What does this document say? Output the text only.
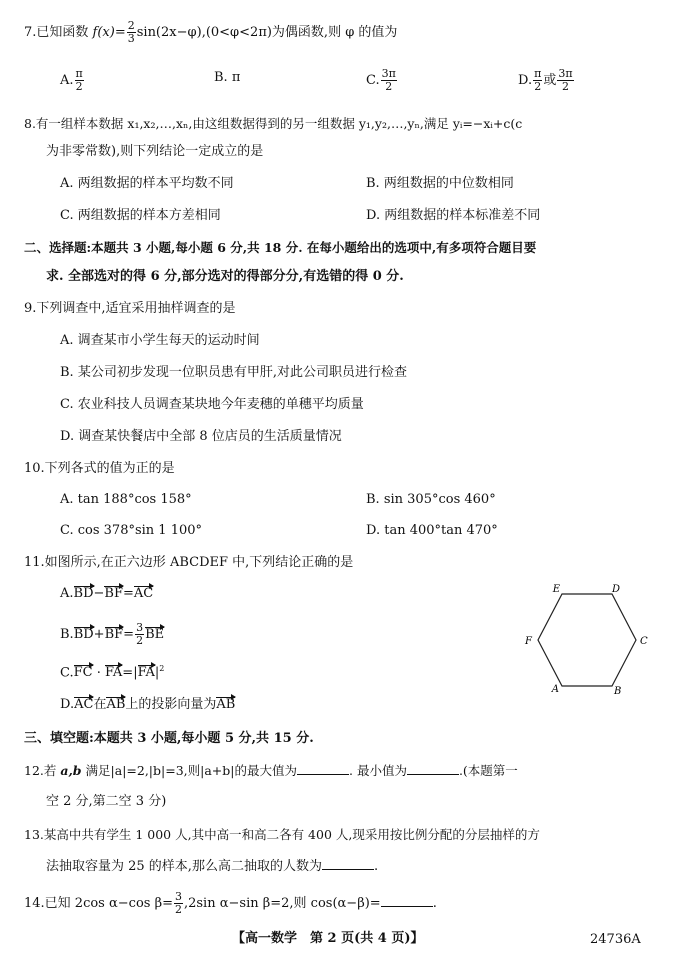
7.已知函数 $f(x)= \frac{2}{3} \sin(2x-\varphi),(0<\varphi<2\pi)$为偶函数,则 φ 的值为
A. $\frac{\pi}{2}$	B. π	C. $\frac{3\pi}{2}$	D. $\frac{\pi}{2}$ 或 $\frac{3\pi}{2}$
8.有一组样本数据 x₁,x₂,…,xₙ,由这组数据得到的另一组数据 y₁,y₂,…,yₙ,满足 yᵢ=−xᵢ+c(c
为非零常数),则下列结论一定成立的是
A. 两组数据的样本平均数不同	B. 两组数据的中位数相同
C. 两组数据的样本方差相同	D. 两组数据的样本标准差不同
二、选择题:本题共 3 小题,每小题 6 分,共 18 分. 在每小题给出的选项中,有多项符合题目要
求. 全部选对的得 6 分,部分选对的得部分分,有选错的得 0 分.
9.下列调查中,适宜采用抽样调查的是
A. 调查某市小学生每天的运动时间
B. 某公司初步发现一位职员患有甲肝,对此公司职员进行检查
C. 农业科技人员调查某块地今年麦穗的单穗平均质量
D. 调查某快餐店中全部 8 位店员的生活质量情况
10.下列各式的值为正的是
A. tan 188°cos 158°	B. sin 305°cos 460°
C. cos 378°sin 1 100°	D. tan 400°tan 470°
11.如图所示,在正六边形 ABCDEF 中,下列结论正确的是
A.BD−BF=AC
$B.BD+BF= \frac{3}{2}$ BE
$C.FC \cdot FA=|FA|^2$
D.AC在AB上的投影向量为AB
A	B
C
D
E
F
三、填空题:本题共 3 小题,每小题 5 分,共 15 分.
12.若 a,b 满足|a|=2,|b|=3,则|a+b|的最大值为	. 最小值为	.(本题第一
空 2 分,第二空 3 分)
13.某高中共有学生 1 000 人,其中高一和高二各有 400 人,现采用按比例分配的分层抽样的方
法抽取容量为 25 的样本,那么高二抽取的人数为	.
14.已知 2cos α−cos $\beta= \frac{3}{2} ,2\sin$ α−sin β=2,则 cos(α−β)=	.
【高一数学　第 2 页(共 4 页)】	24736A
